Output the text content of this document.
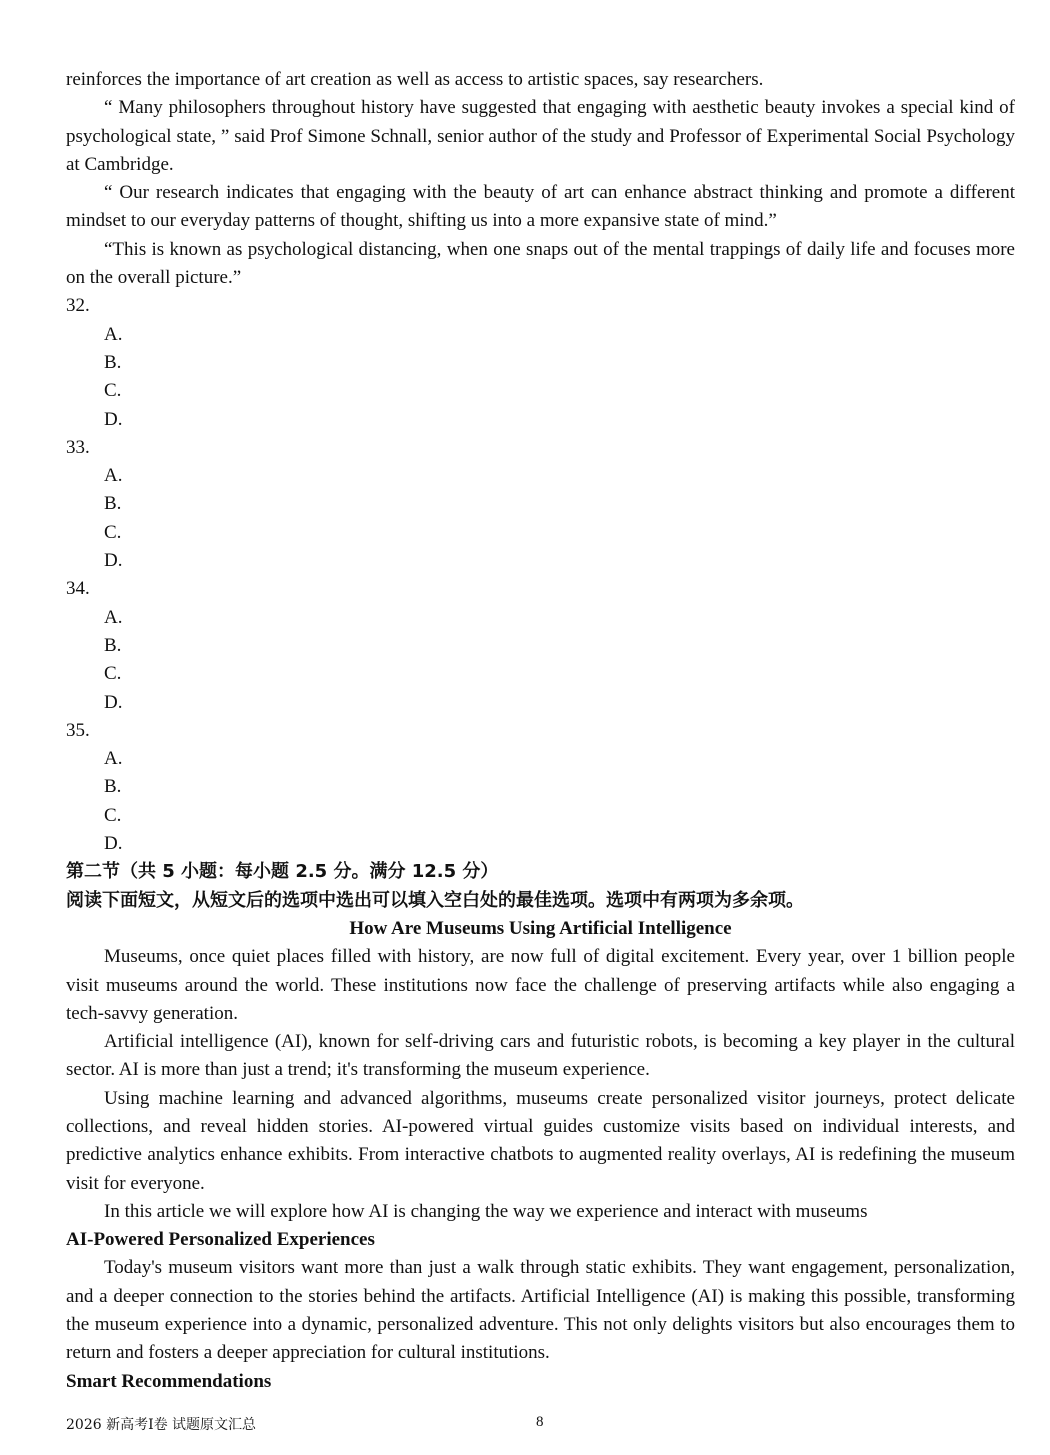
reinforces the importance of art creation as well as access to artistic spaces, say researchers.

“ Many philosophers throughout history have suggested that engaging with aesthetic beauty invokes a special kind of psychological state, ” said Prof Simone Schnall, senior author of the study and Professor of Experimental Social Psychology at Cambridge.

“ Our research indicates that engaging with the beauty of art can enhance abstract thinking and promote a different mindset to our everyday patterns of thought, shifting us into a more expansive state of mind.”

“This is known as psychological distancing, when one snaps out of the mental trappings of daily life and focuses more on the overall picture.”

32.

A.

B.

C.

D.

33.

A.

B.

C.

D.

34.

A.

B.

C.

D.

35.

A.

B.

C.

D.

第二节（共 5 小题：每小题 2.5 分。满分 12.5 分）

阅读下面短文，从短文后的选项中选出可以填入空白处的最佳选项。选项中有两项为多余项。

How Are Museums Using Artificial Intelligence

Museums, once quiet places filled with history, are now full of digital excitement. Every year, over 1 billion people visit museums around the world. These institutions now face the challenge of preserving artifacts while also engaging a tech-savvy generation.

Artificial intelligence (AI), known for self-driving cars and futuristic robots, is becoming a key player in the cultural sector. AI is more than just a trend; it's transforming the museum experience.

Using machine learning and advanced algorithms, museums create personalized visitor journeys, protect delicate collections, and reveal hidden stories. AI-powered virtual guides customize visits based on individual interests, and predictive analytics enhance exhibits. From interactive chatbots to augmented reality overlays, AI is redefining the museum visit for everyone.

In this article we will explore how AI is changing the way we experience and interact with museums

AI-Powered Personalized Experiences

Today's museum visitors want more than just a walk through static exhibits. They want engagement, personalization, and a deeper connection to the stories behind the artifacts. Artificial Intelligence (AI) is making this possible, transforming the museum experience into a dynamic, personalized adventure. This not only delights visitors but also encourages them to return and fosters a deeper appreciation for cultural institutions.

Smart Recommendations

2026 新高考I卷 试题原文汇总	8
